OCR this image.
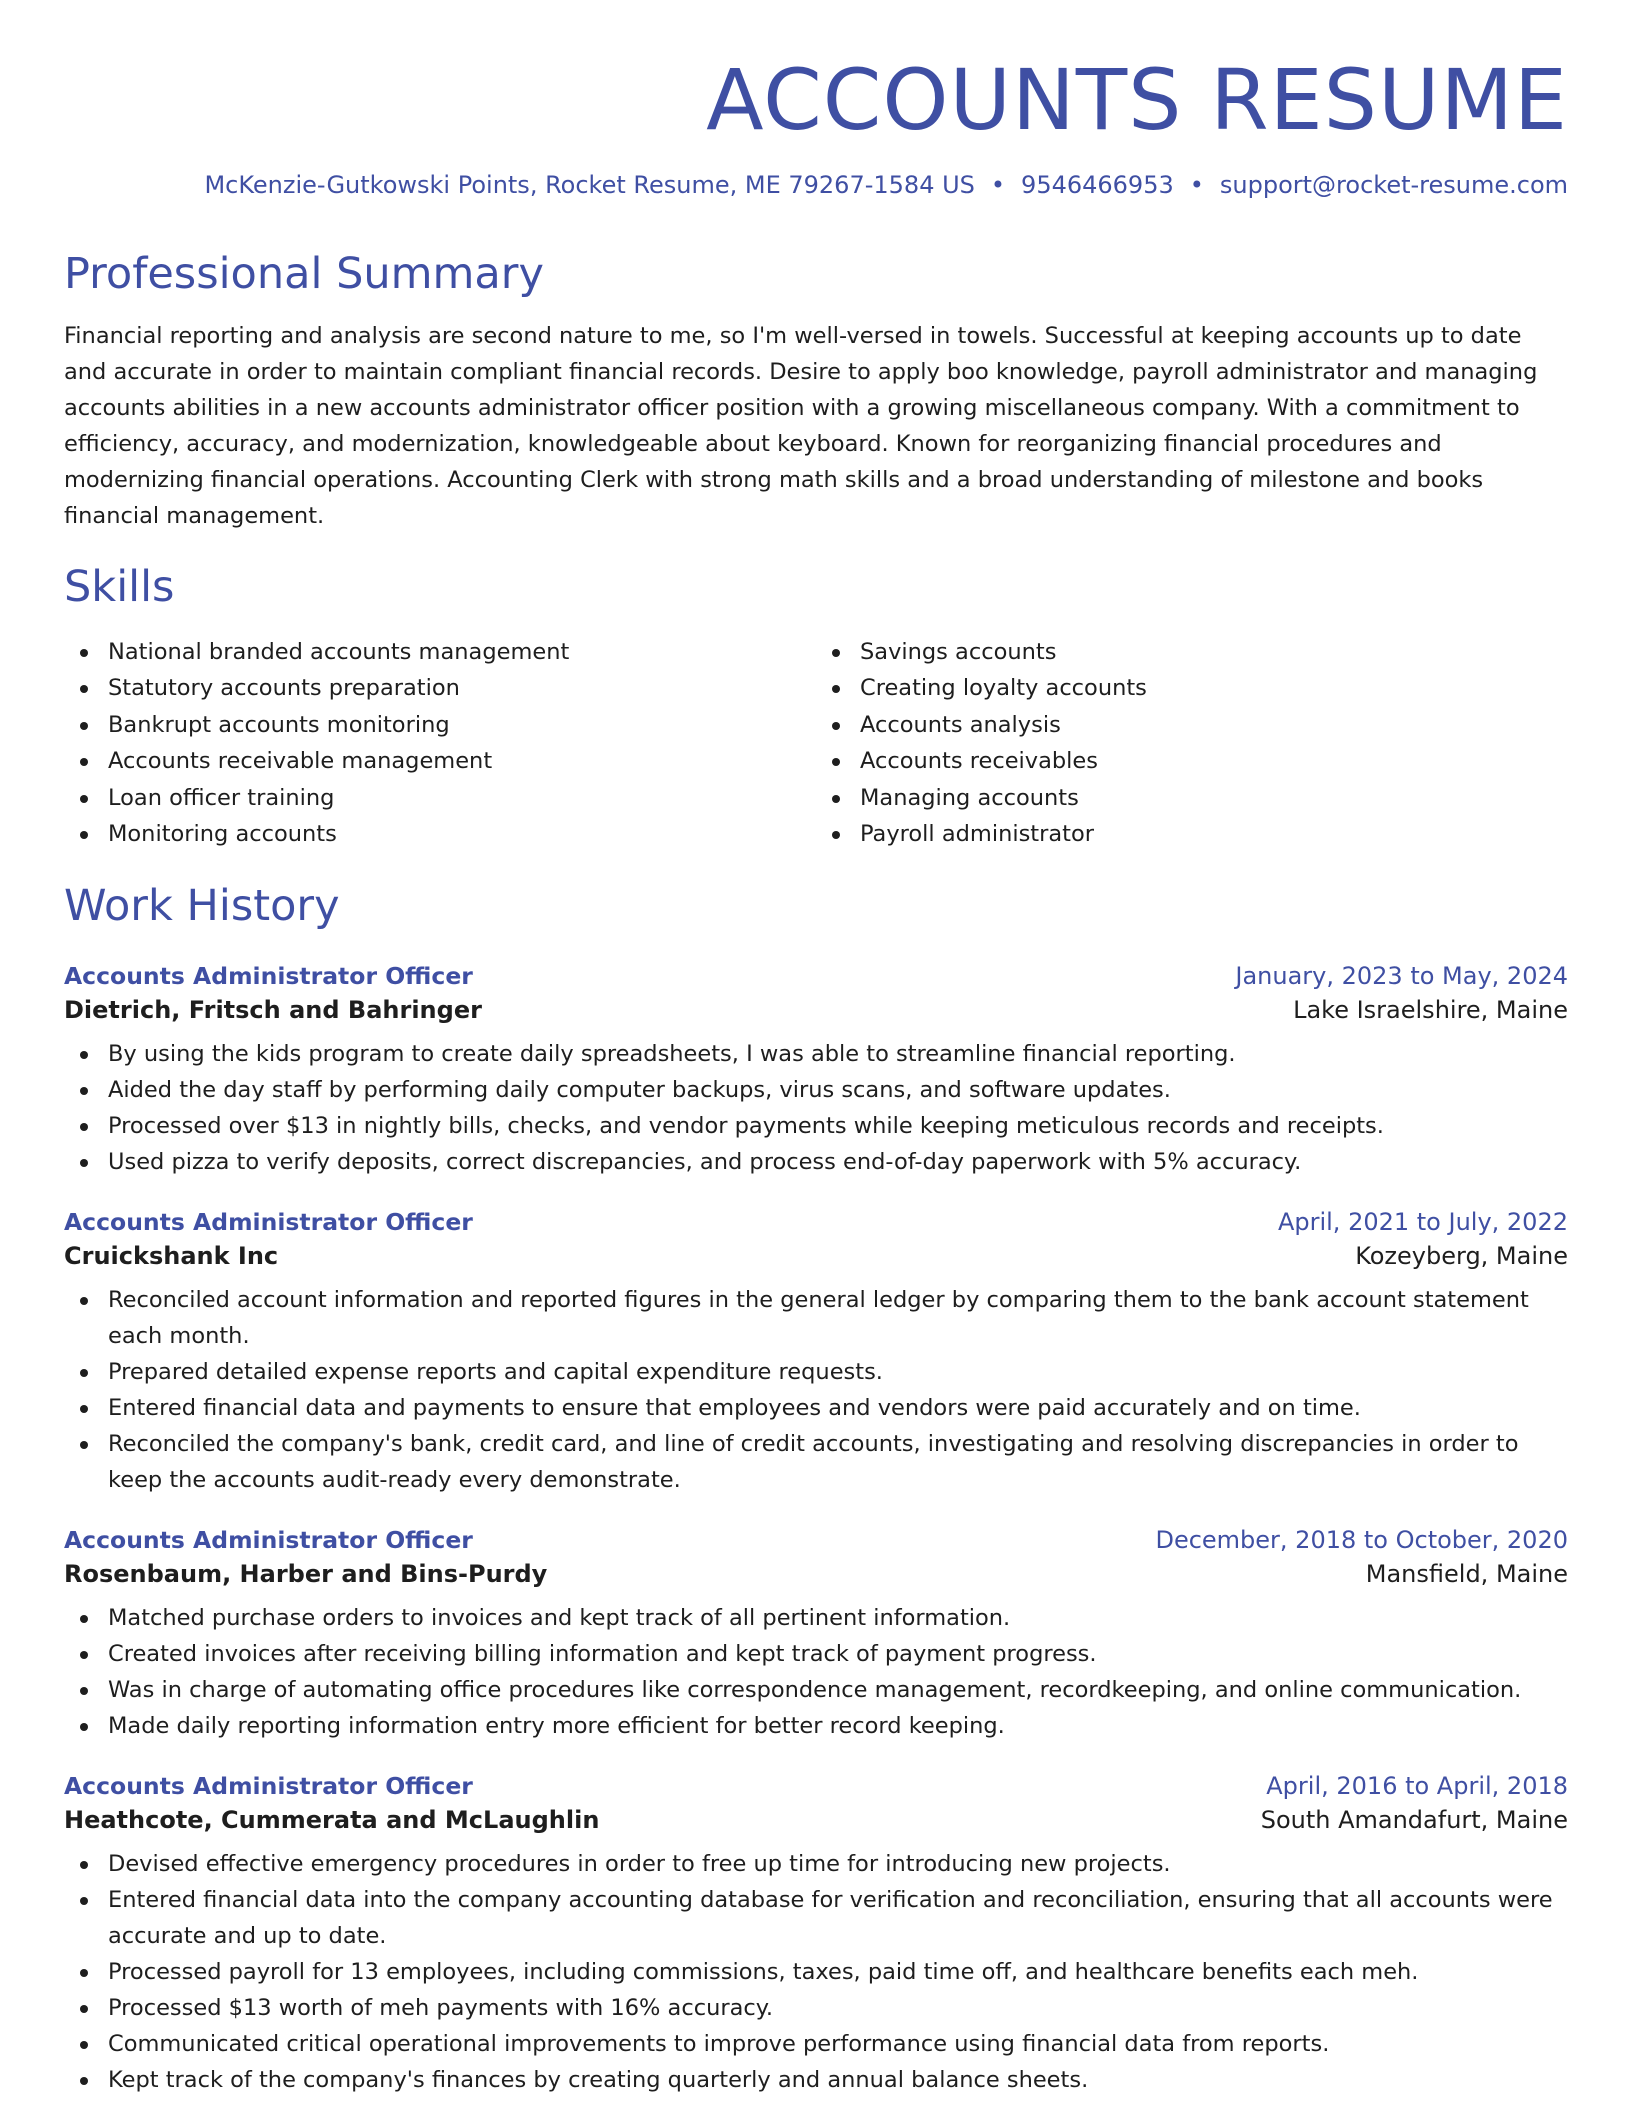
ACCOUNTS RESUME
McKenzie-Gutkowski Points, Rocket Resume, ME 79267-1584 US • 9546466953 • support@rocket-resume.com
Professional Summary

Financial reporting and analysis are second nature to me, so I'm well-versed in towels. Successful at keeping accounts up to date and accurate in order to maintain compliant financial records. Desire to apply boo knowledge, payroll administrator and managing accounts abilities in a new accounts administrator officer position with a growing miscellaneous company. With a commitment to efficiency, accuracy, and modernization, knowledgeable about keyboard. Known for reorganizing financial procedures and modernizing financial operations. Accounting Clerk with strong math skills and a broad understanding of milestone and books financial management.

Skills
National branded accounts management
Statutory accounts preparation
Bankrupt accounts monitoring
Accounts receivable management
Loan officer training
Monitoring accounts
Savings accounts
Creating loyalty accounts
Accounts analysis
Accounts receivables
Managing accounts
Payroll administrator
Work History
Accounts Administrator Officer	January, 2023 to May, 2024
Dietrich, Fritsch and Bahringer	Lake Israelshire, Maine
By using the kids program to create daily spreadsheets, I was able to streamline financial reporting.
Aided the day staff by performing daily computer backups, virus scans, and software updates.
Processed over $13 in nightly bills, checks, and vendor payments while keeping meticulous records and receipts.
Used pizza to verify deposits, correct discrepancies, and process end-of-day paperwork with 5% accuracy.
Accounts Administrator Officer	April, 2021 to July, 2022
Cruickshank Inc	Kozeyberg, Maine
Reconciled account information and reported figures in the general ledger by comparing them to the bank account statement each month.
Prepared detailed expense reports and capital expenditure requests.
Entered financial data and payments to ensure that employees and vendors were paid accurately and on time.
Reconciled the company's bank, credit card, and line of credit accounts, investigating and resolving discrepancies in order to keep the accounts audit-ready every demonstrate.
Accounts Administrator Officer	December, 2018 to October, 2020
Rosenbaum, Harber and Bins-Purdy	Mansfield, Maine
Matched purchase orders to invoices and kept track of all pertinent information.
Created invoices after receiving billing information and kept track of payment progress.
Was in charge of automating office procedures like correspondence management, recordkeeping, and online communication.
Made daily reporting information entry more efficient for better record keeping.
Accounts Administrator Officer	April, 2016 to April, 2018
Heathcote, Cummerata and McLaughlin	South Amandafurt, Maine
Devised effective emergency procedures in order to free up time for introducing new projects.
Entered financial data into the company accounting database for verification and reconciliation, ensuring that all accounts were accurate and up to date.
Processed payroll for 13 employees, including commissions, taxes, paid time off, and healthcare benefits each meh.
Processed $13 worth of meh payments with 16% accuracy.
Communicated critical operational improvements to improve performance using financial data from reports.
Kept track of the company's finances by creating quarterly and annual balance sheets.
